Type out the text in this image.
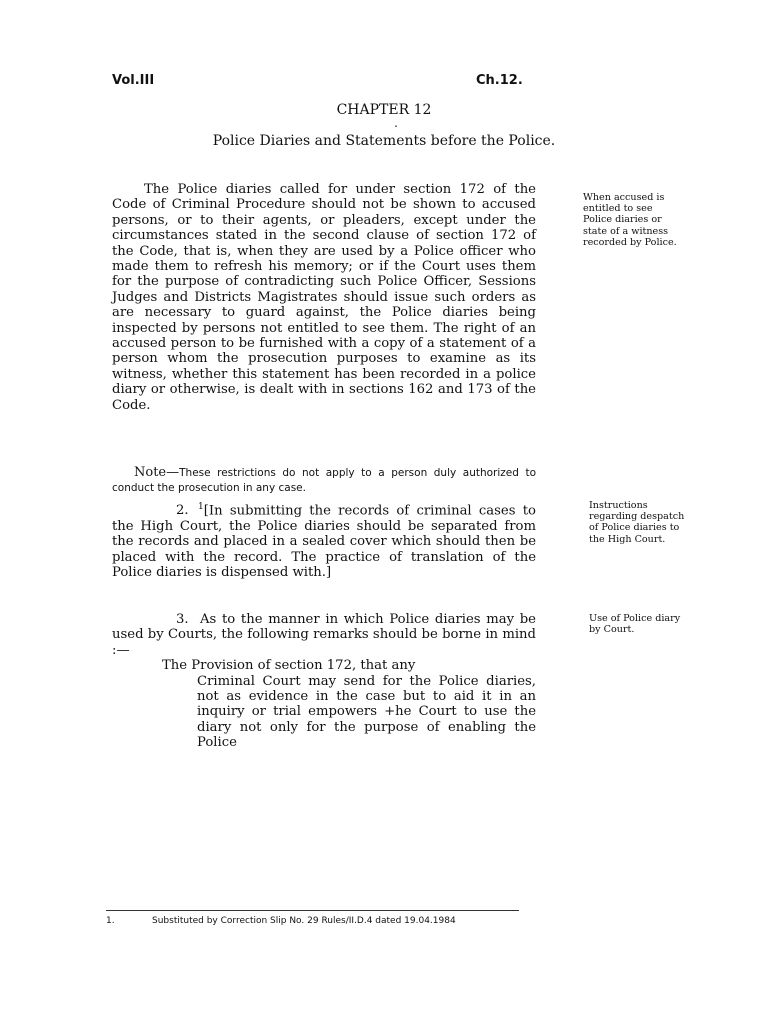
Vol.III	Ch.12.
CHAPTER 12
.
Police Diaries and Statements before the Police.

The Police diaries called for under section 172 of the Code of Criminal Procedure should not be shown to accused persons, or to their agents, or pleaders, except under the circumstances stated in the second clause of section 172 of the Code, that is, when they are used by a Police officer who made them to refresh his memory; or if the Court uses them for the purpose of contradicting such Police Officer, Sessions Judges and Districts Magistrates should issue such orders as are necessary to guard against, the Police diaries being inspected by persons not entitled to see them. The right of an accused person to be furnished with a copy of a statement of a person whom the prosecution purposes to examine as its witness, whether this statement has been recorded in a police diary or otherwise, is dealt with in sections 162 and 173 of the Code.

When accused is entitled to see Police diaries or state of a witness recorded by Police.
Note—These restrictions do not apply to a person duly authorized to conduct the prosecution in any case.

2. $^1$[In submitting the records of criminal cases to the High Court, the Police diaries should be separated from the records and placed in a sealed cover which should then be placed with the record. The practice of translation of the Police diaries is dispensed with.]

Instructions regarding despatch of Police diaries to the High Court.

3. As to the manner in which Police diaries may be used by Courts, the following remarks should be borne in mind :—

The Provision of section 172, that any

Criminal Court may send for the Police diaries, not as evidence in the case but to aid it in an inquiry or trial empowers +he Court to use the diary not only for the purpose of enabling the Police

Use of Police diary by Court.
1.	Substituted by Correction Slip No. 29 Rules/II.D.4 dated 19.04.1984
